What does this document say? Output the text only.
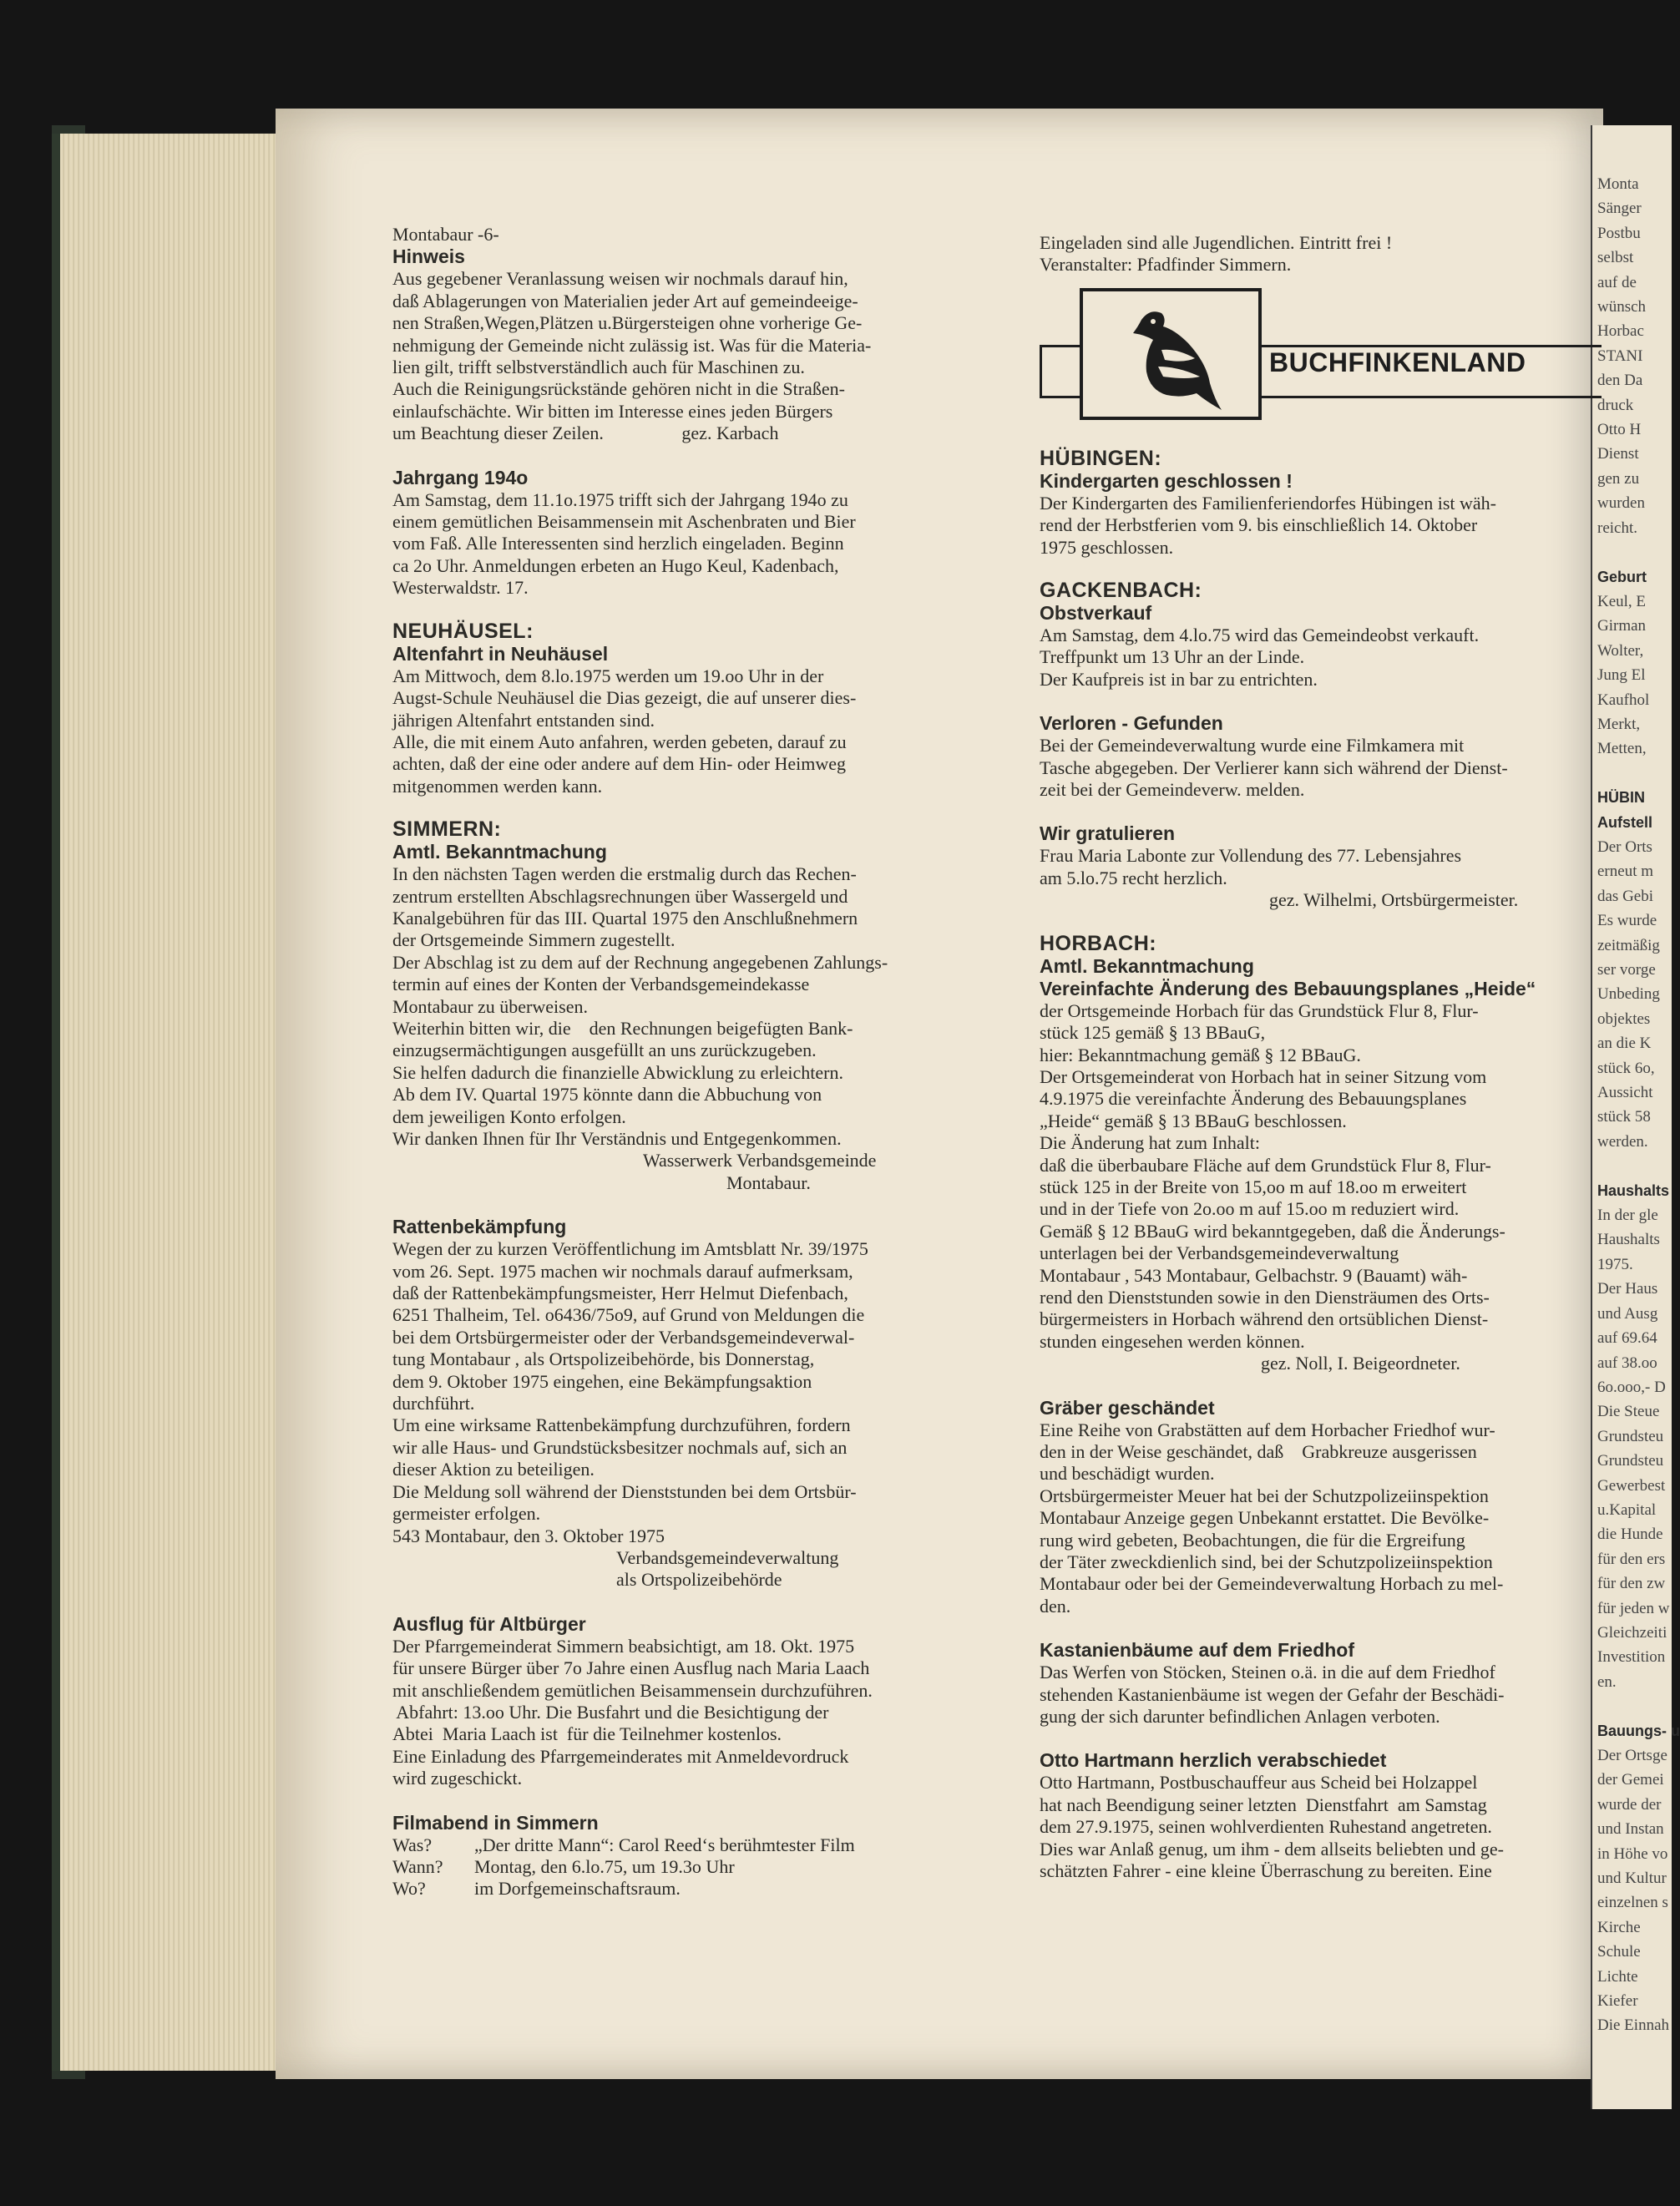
Monta
Sänger
Postbu
selbst
auf de
wünsch
Horbac
STANI
den Da
druck
Otto H
Dienst
gen zu
wurden
reicht.

Geburt
Keul, E
Girman
Wolter,
Jung El
Kaufhol
Merkt,
Metten,

HÜBIN
Aufstell
Der Orts
erneut m
das Gebi
Es wurde
zeitmäßig
ser vorge
Unbeding
objektes
an die K
stück 6o,
Aussicht
stück 58
werden.

Haushalts
In der gle
Haushalts
1975.
Der Haus
und Ausg
auf 69.64
auf 38.oo
6o.ooo,- D
Die Steue
Grundsteu
Grundsteu
Gewerbest
u.Kapital
die Hunde
für den ers
für den zw
für jeden w
Gleichzeiti
Investition
en.

Bauungs- u
Der Ortsge
der Gemei
wurde der
und Instan
in Höhe vo
und Kultur
einzelnen s
Kirche
Schule
Lichte
Kiefer
Die Einnah

Montabaur -6-

Hinweis

Aus gegebener Veranlassung weisen wir nochmals darauf hin,

daß Ablagerungen von Materialien jeder Art auf gemeindeeige-

nen Straßen,Wegen,Plätzen u.Bürgersteigen ohne vorherige Ge-

nehmigung der Gemeinde nicht zulässig ist. Was für die Materia-

lien gilt, trifft selbstverständlich auch für Maschinen zu.

Auch die Reinigungsrückstände gehören nicht in die Straßen-

einlaufschächte. Wir bitten im Interesse eines jeden Bürgers

um Beachtung dieser Zeilen.                 gez. Karbach

Jahrgang 194o

Am Samstag, dem 11.1o.1975 trifft sich der Jahrgang 194o zu

einem gemütlichen Beisammensein mit Aschenbraten und Bier

vom Faß. Alle Interessenten sind herzlich eingeladen. Beginn

ca 2o Uhr. Anmeldungen erbeten an Hugo Keul, Kadenbach,

Westerwaldstr. 17.

NEUHÄUSEL:
Altenfahrt in Neuhäusel

Am Mittwoch, dem 8.lo.1975 werden um 19.oo Uhr in der

Augst-Schule Neuhäusel die Dias gezeigt, die auf unserer dies-

jährigen Altenfahrt entstanden sind.

Alle, die mit einem Auto anfahren, werden gebeten, darauf zu

achten, daß der eine oder andere auf dem Hin- oder Heimweg

mitgenommen werden kann.

SIMMERN:
Amtl. Bekanntmachung

In den nächsten Tagen werden die erstmalig durch das Rechen-

zentrum erstellten Abschlagsrechnungen über Wassergeld und

Kanalgebühren für das III. Quartal 1975 den Anschlußnehmern

der Ortsgemeinde Simmern zugestellt.

Der Abschlag ist zu dem auf der Rechnung angegebenen Zahlungs-

termin auf eines der Konten der Verbandsgemeindekasse

Montabaur zu überweisen.

Weiterhin bitten wir, die    den Rechnungen beigefügten Bank-

einzugsermächtigungen ausgefüllt an uns zurückzugeben.

Sie helfen dadurch die finanzielle Abwicklung zu erleichtern.

Ab dem IV. Quartal 1975 könnte dann die Abbuchung von

dem jeweiligen Konto erfolgen.

Wir danken Ihnen für Ihr Verständnis und Entgegenkommen.

Wasserwerk Verbandsgemeinde

Montabaur.

Rattenbekämpfung

Wegen der zu kurzen Veröffentlichung im Amtsblatt Nr. 39/1975

vom 26. Sept. 1975 machen wir nochmals darauf aufmerksam,

daß der Rattenbekämpfungsmeister, Herr Helmut Diefenbach,

6251 Thalheim, Tel. o6436/75o9, auf Grund von Meldungen die

bei dem Ortsbürgermeister oder der Verbandsgemeindeverwal-

tung Montabaur , als Ortspolizeibehörde, bis Donnerstag,

dem 9. Oktober 1975 eingehen, eine Bekämpfungsaktion

durchführt.

Um eine wirksame Rattenbekämpfung durchzuführen, fordern

wir alle Haus- und Grundstücksbesitzer nochmals auf, sich an

dieser Aktion zu beteiligen.

Die Meldung soll während der Dienststunden bei dem Ortsbür-

germeister erfolgen.

543 Montabaur, den 3. Oktober 1975

Verbandsgemeindeverwaltung

als Ortspolizeibehörde

Ausflug für Altbürger

Der Pfarrgemeinderat Simmern beabsichtigt, am 18. Okt. 1975

für unsere Bürger über 7o Jahre einen Ausflug nach Maria Laach

mit anschließendem gemütlichen Beisammensein durchzuführen.

Abfahrt: 13.oo Uhr. Die Busfahrt und die Besichtigung der

Abtei  Maria Laach ist  für die Teilnehmer kostenlos.

Eine Einladung des Pfarrgemeinderates mit Anmeldevordruck

wird zugeschickt.

Filmabend in Simmern
Was?	„Der dritte Mann“: Carol Reed‘s berühmtester Film
Wann?	Montag, den 6.lo.75, um 19.3o Uhr
Wo?	im Dorfgemeinschaftsraum.

Eingeladen sind alle Jugendlichen. Eintritt frei !

Veranstalter: Pfadfinder Simmern.

BUCHFINKENLAND
HÜBINGEN:
Kindergarten geschlossen !

Der Kindergarten des Familienferiendorfes Hübingen ist wäh-

rend der Herbstferien vom 9. bis einschließlich 14. Oktober

1975 geschlossen.

GACKENBACH:
Obstverkauf

Am Samstag, dem 4.lo.75 wird das Gemeindeobst verkauft.

Treffpunkt um 13 Uhr an der Linde.

Der Kaufpreis ist in bar zu entrichten.

Verloren - Gefunden

Bei der Gemeindeverwaltung wurde eine Filmkamera mit

Tasche abgegeben. Der Verlierer kann sich während der Dienst-

zeit bei der Gemeindeverw. melden.

Wir gratulieren

Frau Maria Labonte zur Vollendung des 77. Lebensjahres

am 5.lo.75 recht herzlich.

gez. Wilhelmi, Ortsbürgermeister.

HORBACH:
Amtl. Bekanntmachung
Vereinfachte Änderung des Bebauungsplanes „Heide“

der Ortsgemeinde Horbach für das Grundstück Flur 8, Flur-

stück 125 gemäß § 13 BBauG,

hier: Bekanntmachung gemäß § 12 BBauG.

Der Ortsgemeinderat von Horbach hat in seiner Sitzung vom

4.9.1975 die vereinfachte Änderung des Bebauungsplanes

„Heide“ gemäß § 13 BBauG beschlossen.

Die Änderung hat zum Inhalt:

daß die überbaubare Fläche auf dem Grundstück Flur 8, Flur-

stück 125 in der Breite von 15,oo m auf 18.oo m erweitert

und in der Tiefe von 2o.oo m auf 15.oo m reduziert wird.

Gemäß § 12 BBauG wird bekanntgegeben, daß die Änderungs-

unterlagen bei der Verbandsgemeindeverwaltung

Montabaur , 543 Montabaur, Gelbachstr. 9 (Bauamt) wäh-

rend den Dienststunden sowie in den Diensträumen des Orts-

bürgermeisters in Horbach während den ortsüblichen Dienst-

stunden eingesehen werden können.

gez. Noll, I. Beigeordneter.

Gräber geschändet

Eine Reihe von Grabstätten auf dem Horbacher Friedhof wur-

den in der Weise geschändet, daß    Grabkreuze ausgerissen

und beschädigt wurden.

Ortsbürgermeister Meuer hat bei der Schutzpolizeiinspektion

Montabaur Anzeige gegen Unbekannt erstattet. Die Bevölke-

rung wird gebeten, Beobachtungen, die für die Ergreifung

der Täter zweckdienlich sind, bei der Schutzpolizeiinspektion

Montabaur oder bei der Gemeindeverwaltung Horbach zu mel-

den.

Kastanienbäume auf dem Friedhof

Das Werfen von Stöcken, Steinen o.ä. in die auf dem Friedhof

stehenden Kastanienbäume ist wegen der Gefahr der Beschädi-

gung der sich darunter befindlichen Anlagen verboten.

Otto Hartmann herzlich verabschiedet

Otto Hartmann, Postbuschauffeur aus Scheid bei Holzappel

hat nach Beendigung seiner letzten  Dienstfahrt  am Samstag

dem 27.9.1975, seinen wohlverdienten Ruhestand angetreten.

Dies war Anlaß genug, um ihm - dem allseits beliebten und ge-

schätzten Fahrer - eine kleine Überraschung zu bereiten. Eine
